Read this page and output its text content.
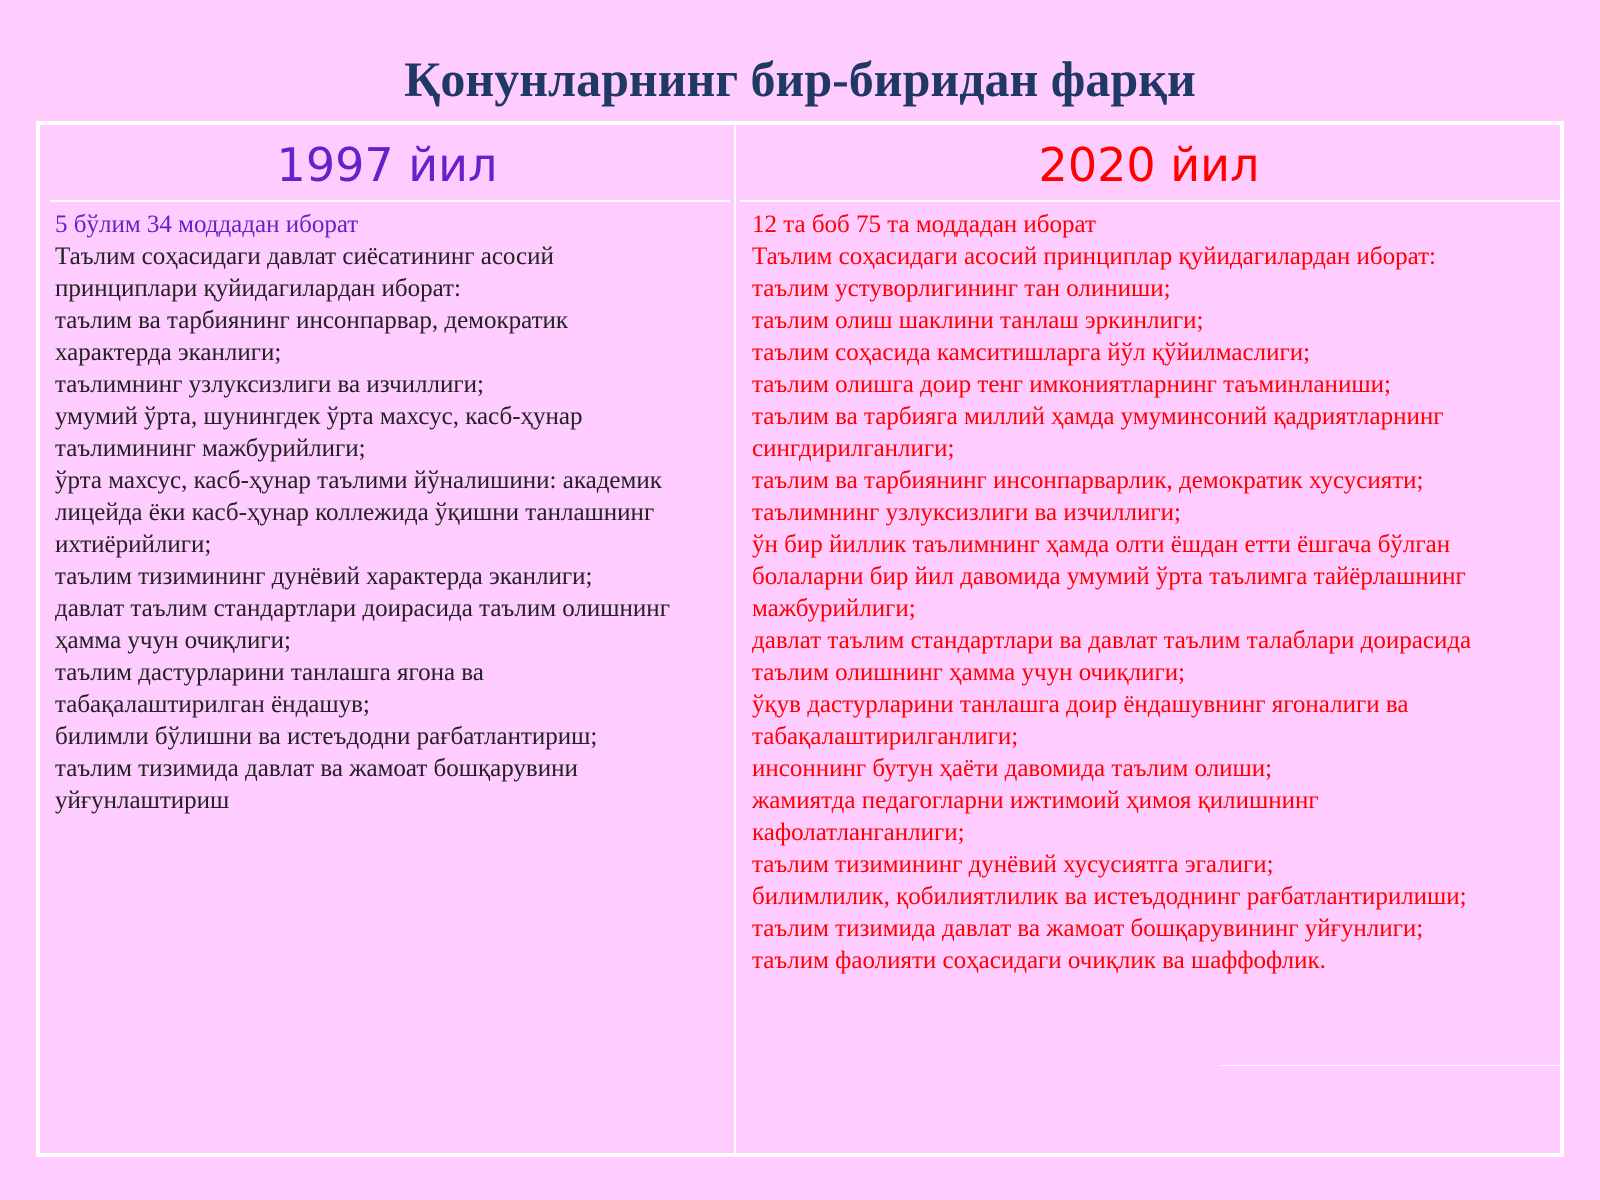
Қонунларнинг бир-биридан фарқи
1997 йил	2020 йил
5 бўлим 34 моддадан иборат
Таълим соҳасидаги давлат сиёсатининг асосий
принциплари қуйидагилардан иборат:
таълим ва тарбиянинг инсонпарвар, демократик
характерда эканлиги;
таълимнинг узлуксизлиги ва изчиллиги;
умумий ўрта, шунингдек ўрта махсус, касб-ҳунар
таълимининг мажбурийлиги;
ўрта махсус, касб-ҳунар таълими йўналишини: академик
лицейда ёки касб-ҳунар коллежида ўқишни танлашнинг
ихтиёрийлиги;
таълим тизимининг дунёвий характерда эканлиги;
давлат таълим стандартлари доирасида таълим олишнинг
ҳамма учун очиқлиги;
таълим дастурларини танлашга ягона ва
табақалаштирилган ёндашув;
билимли бўлишни ва истеъдодни рағбатлантириш;
таълим тизимида давлат ва жамоат бошқарувини
уйғунлаштириш
12 та боб 75 та моддадан иборат
Таълим соҳасидаги асосий принциплар қуйидагилардан иборат:
таълим устуворлигининг тан олиниши;
таълим олиш шаклини танлаш эркинлиги;
таълим соҳасида камситишларга йўл қўйилмаслиги;
таълим олишга доир тенг имкониятларнинг таъминланиши;
таълим ва тарбияга миллий ҳамда умуминсоний қадриятларнинг
сингдирилганлиги;
таълим ва тарбиянинг инсонпарварлик, демократик хусусияти;
таълимнинг узлуксизлиги ва изчиллиги;
ўн бир йиллик таълимнинг ҳамда олти ёшдан етти ёшгача бўлган
болаларни бир йил давомида умумий ўрта таълимга тайёрлашнинг
мажбурийлиги;
давлат таълим стандартлари ва давлат таълим талаблари доирасида
таълим олишнинг ҳамма учун очиқлиги;
ўқув дастурларини танлашга доир ёндашувнинг ягоналиги ва
табақалаштирилганлиги;
инсоннинг бутун ҳаёти давомида таълим олиши;
жамиятда педагогларни ижтимоий ҳимоя қилишнинг
кафолатланганлиги;
таълим тизимининг дунёвий хусусиятга эгалиги;
билимлилик, қобилиятлилик ва истеъдоднинг рағбатлантирилиши;
таълим тизимида давлат ва жамоат бошқарувининг уйғунлиги;
таълим фаолияти соҳасидаги очиқлик ва шаффофлик.
